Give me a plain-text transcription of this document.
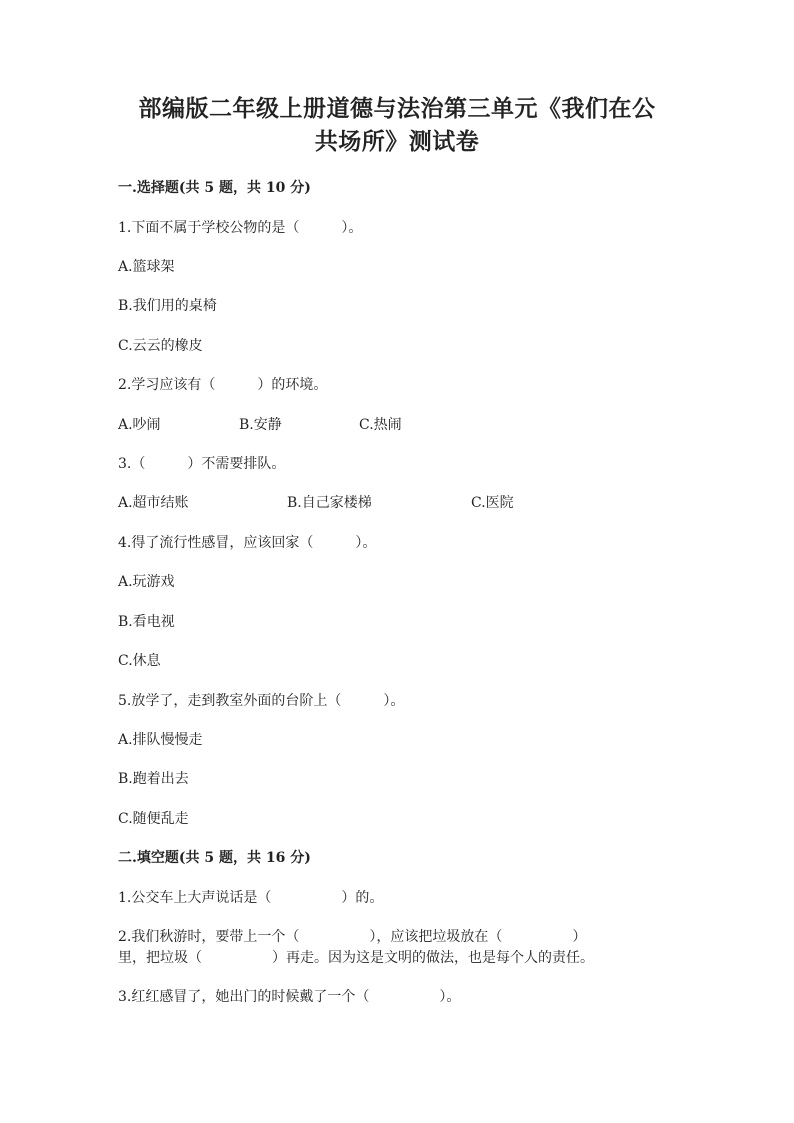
部编版二年级上册道德与法治第三单元《我们在公
共场所》测试卷
一.选择题(共 5 题，共 10 分)
1.下面不属于学校公物的是（　　　）。
A.篮球架
B.我们用的桌椅
C.云云的橡皮
2.学习应该有（　　　）的环境。
A.吵闹	B.安静	C.热闹
3.（　　　）不需要排队。
A.超市结账	B.自己家楼梯	C.医院
4.得了流行性感冒，应该回家（　　　）。
A.玩游戏
B.看电视
C.休息
5.放学了，走到教室外面的台阶上（　　　）。
A.排队慢慢走
B.跑着出去
C.随便乱走
二.填空题(共 5 题，共 16 分)
1.公交车上大声说话是（　　　　　）的。
2.我们秋游时，要带上一个（　　　　　），应该把垃圾放在（　　　　　）
里，把垃圾（　　　　　）再走。因为这是文明的做法，也是每个人的责任。
3.红红感冒了，她出门的时候戴了一个（　　　　　）。
